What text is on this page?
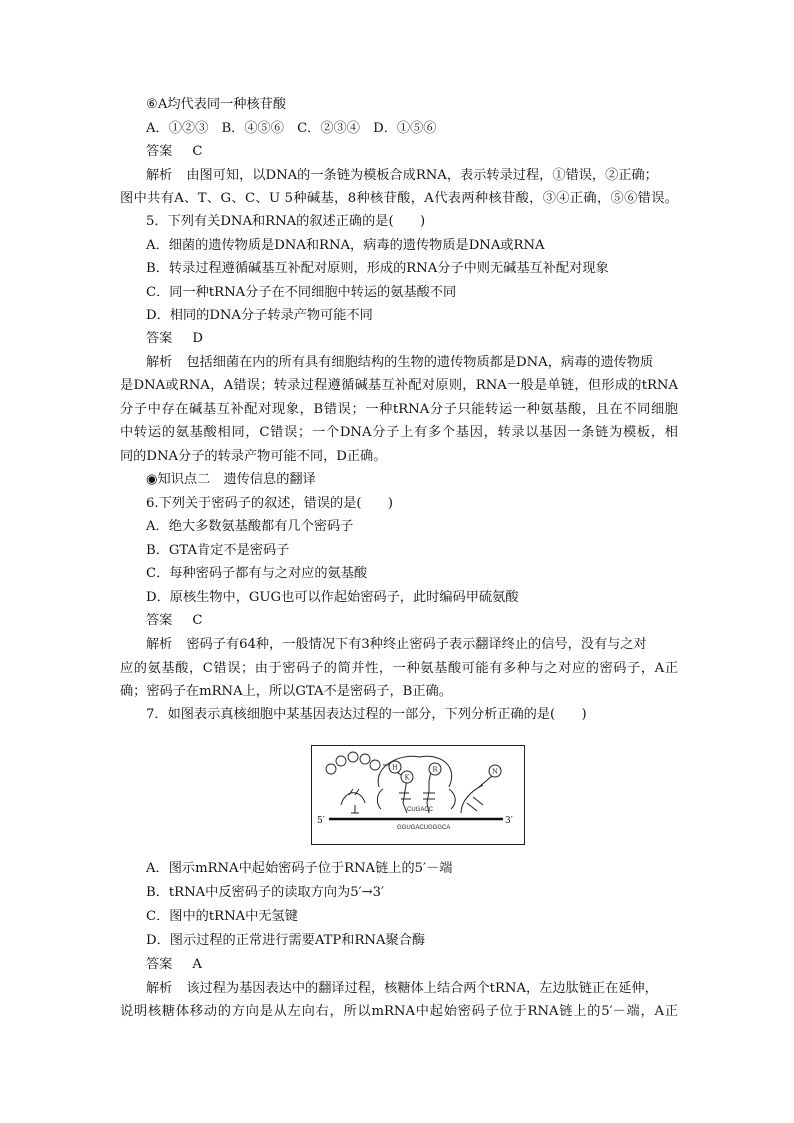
⑥A均代表同一种核苷酸
A．①②③　B．④⑤⑥　C．②③④　D．①⑤⑥
答案 C
解析 由图可知，以DNA的一条链为模板合成RNA，表示转录过程，①错误，②正确；
图中共有A、T、G、C、U 5种碱基，8种核苷酸，A代表两种核苷酸，③④正确，⑤⑥错误。
5．下列有关DNA和RNA的叙述正确的是(　　)
A．细菌的遗传物质是DNA和RNA，病毒的遗传物质是DNA或RNA
B．转录过程遵循碱基互补配对原则，形成的RNA分子中则无碱基互补配对现象
C．同一种tRNA分子在不同细胞中转运的氨基酸不同
D．相同的DNA分子转录产物可能不同
答案 D
解析 包括细菌在内的所有具有细胞结构的生物的遗传物质都是DNA，病毒的遗传物质
是DNA或RNA，A错误；转录过程遵循碱基互补配对原则，RNA一般是单链，但形成的tRNA
分子中存在碱基互补配对现象，B错误；一种tRNA分子只能转运一种氨基酸，且在不同细胞
中转运的氨基酸相同，C错误；一个DNA分子上有多个基因，转录以基因一条链为模板，相
同的DNA分子的转录产物可能不同，D正确。
◉知识点二　遗传信息的翻译
6.下列关于密码子的叙述，错误的是(　　)
A．绝大多数氨基酸都有几个密码子
B．GTA肯定不是密码子
C．每种密码子都有与之对应的氨基酸
D．原核生物中，GUG也可以作起始密码子，此时编码甲硫氨酸
答案 C
解析 密码子有64种，一般情况下有3种终止密码子表示翻译终止的信号，没有与之对
应的氨基酸，C错误；由于密码子的简并性，一种氨基酸可能有多种与之对应的密码子，A正
确；密码子在mRNA上，所以GTA不是密码子，B正确。
7．如图表示真核细胞中某基因表达过程的一部分，下列分析正确的是(　　)
H
K
R	N
CUGACC
5′	3′
GGUGACUGGGCA
A．图示mRNA中起始密码子位于RNA链上的5′－端
B．tRNA中反密码子的读取方向为5′→3′
C．图中的tRNA中无氢键
D．图示过程的正常进行需要ATP和RNA聚合酶
答案 A
解析 该过程为基因表达中的翻译过程，核糖体上结合两个tRNA，左边肽链正在延伸，
说明核糖体移动的方向是从左向右，所以mRNA中起始密码子位于RNA链上的5′－端，A正
